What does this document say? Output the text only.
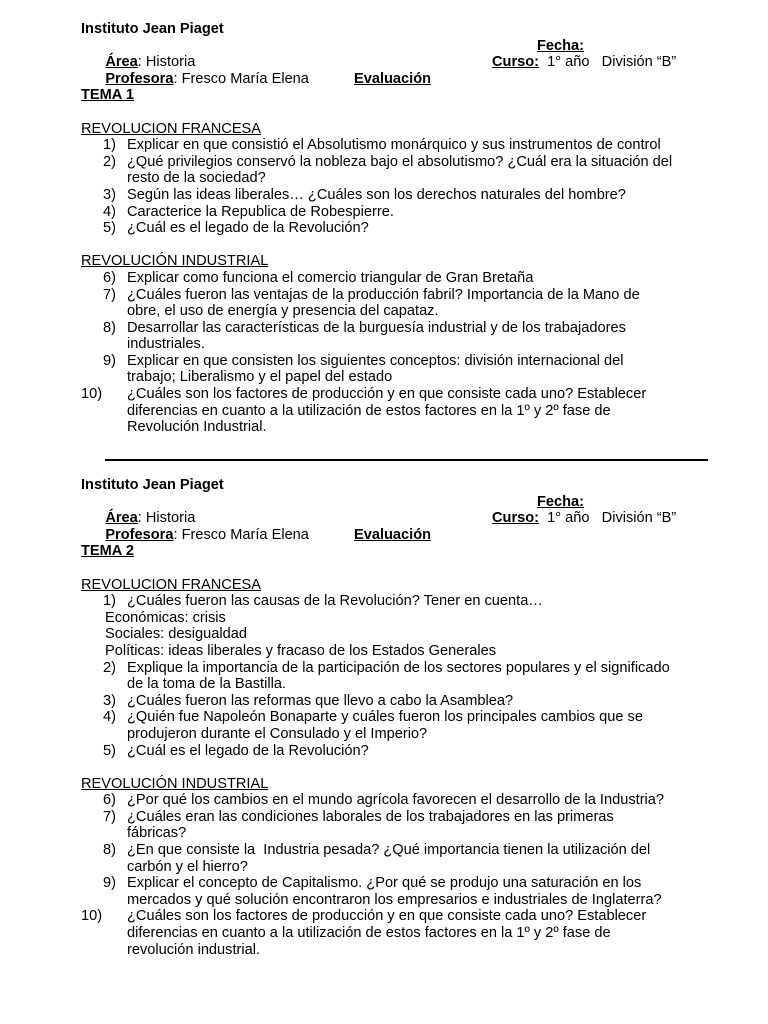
Instituto Jean Piaget

Área: Historia

Fecha:

Profesora: Fresco María Elena

Curso:  1° año   División “B”

Evaluación

TEMA 1
REVOLUCION FRANCESA
1) Explicar en que consistió el Absolutismo monárquico y sus instrumentos de control
2) ¿Qué privilegios conservó la nobleza bajo el absolutismo? ¿Cuál era la situación del
resto de la sociedad?
3) Según las ideas liberales… ¿Cuáles son los derechos naturales del hombre?
4) Caracterice la Republica de Robespierre.
5) ¿Cuál es el legado de la Revolución?
REVOLUCIÓN INDUSTRIAL
6) Explicar como funciona el comercio triangular de Gran Bretaña
7) ¿Cuáles fueron las ventajas de la producción fabril? Importancia de la Mano de
obre, el uso de energía y presencia del capataz.
8) Desarrollar las características de la burguesía industrial y de los trabajadores
industriales.
9) Explicar en que consisten los siguientes conceptos: división internacional del
trabajo; Liberalismo y el papel del estado
10) ¿Cuáles son los factores de producción y en que consiste cada uno? Establecer
diferencias en cuanto a la utilización de estos factores en la 1º y 2º fase de
Revolución Industrial.
Instituto Jean Piaget

Área: Historia

Fecha:

Profesora: Fresco María Elena

Curso:  1° año   División “B”

Evaluación

TEMA 2
REVOLUCION FRANCESA
1) ¿Cuáles fueron las causas de la Revolución? Tener en cuenta…
Económicas: crisis
Sociales: desigualdad
Políticas: ideas liberales y fracaso de los Estados Generales
2) Explique la importancia de la participación de los sectores populares y el significado
de la toma de la Bastilla.
3) ¿Cuáles fueron las reformas que llevo a cabo la Asamblea?
4) ¿Quién fue Napoleón Bonaparte y cuáles fueron los principales cambios que se
produjeron durante el Consulado y el Imperio?
5) ¿Cuál es el legado de la Revolución?
REVOLUCIÓN INDUSTRIAL
6) ¿Por qué los cambios en el mundo agrícola favorecen el desarrollo de la Industria?
7) ¿Cuáles eran las condiciones laborales de los trabajadores en las primeras
fábricas?
8) ¿En que consiste la  Industria pesada? ¿Qué importancia tienen la utilización del
carbón y el hierro?
9) Explicar el concepto de Capitalismo. ¿Por qué se produjo una saturación en los
mercados y qué solución encontraron los empresarios e industriales de Inglaterra?
10) ¿Cuáles son los factores de producción y en que consiste cada uno? Establecer
diferencias en cuanto a la utilización de estos factores en la 1º y 2º fase de
revolución industrial.
